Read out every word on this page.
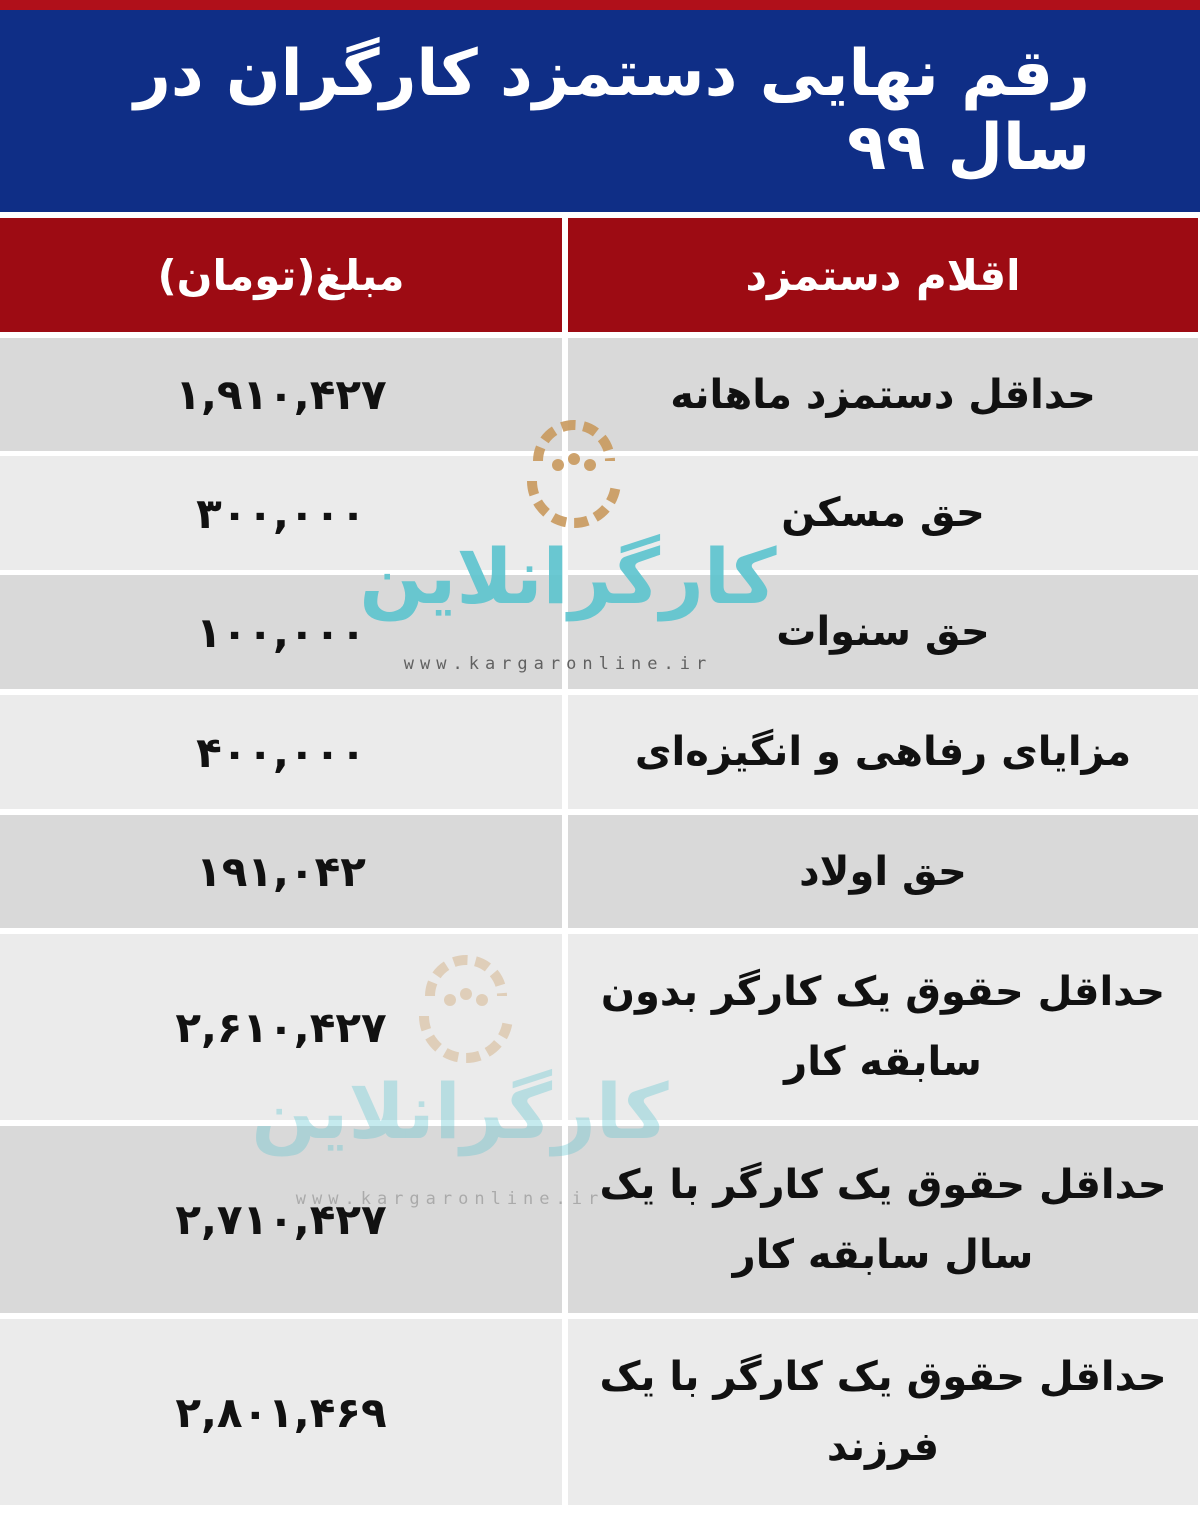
رقم نهایی دستمزد کارگران در سال ۹۹
اقلام دستمزد
مبلغ(تومان)
حداقل دستمزد ماهانه
۱,۹۱۰,۴۲۷
حق مسکن
۳۰۰,۰۰۰
حق سنوات
۱۰۰,۰۰۰
مزایای رفاهی و انگیزه‌ای
۴۰۰,۰۰۰
حق اولاد
۱۹۱,۰۴۲
حداقل حقوق یک کارگر بدون سابقه کار
۲,۶۱۰,۴۲۷
حداقل حقوق یک کارگر با یک سال سابقه کار
۲,۷۱۰,۴۲۷
حداقل حقوق یک کارگر با یک فرزند
۲,۸۰۱,۴۶۹
کارگرانلاین
www.kargaronline.ir
کارگرانلاین
www.kargaronline.ir
